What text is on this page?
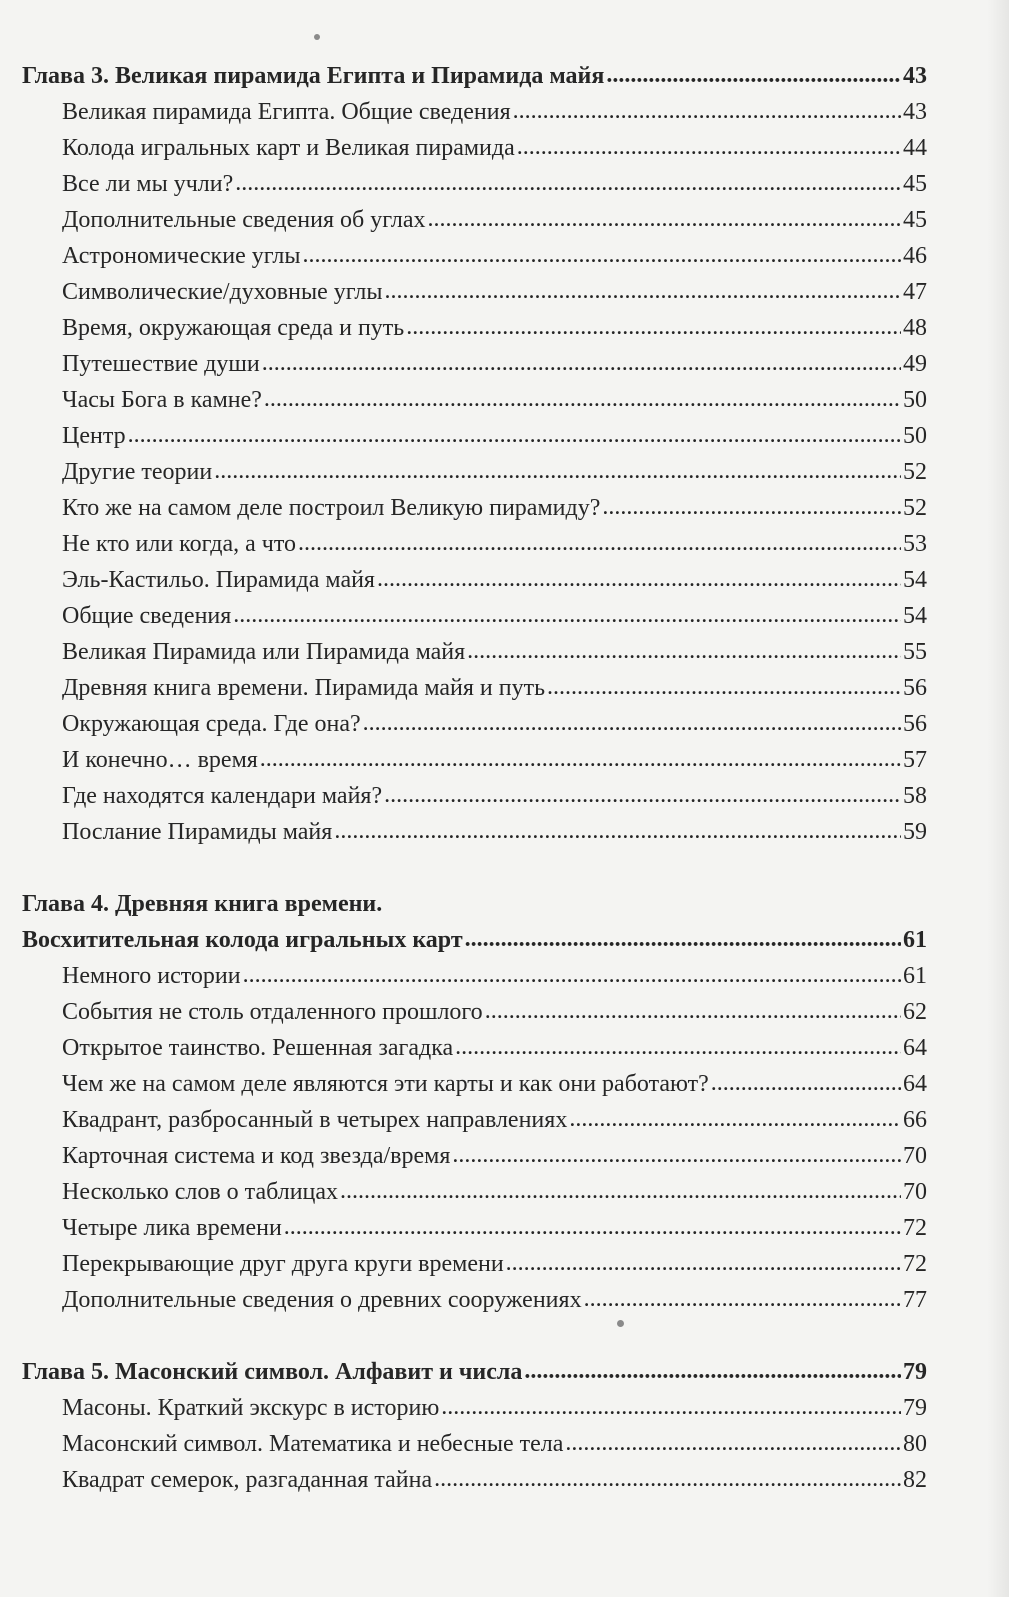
Глава 3. Великая пирамида Египта и Пирамида майя .....	43
Великая пирамида Египта. Общие сведения .....	43
Колода игральных карт и Великая пирамида .....	44
Все ли мы учли? .....	45
Дополнительные сведения об углах .....	45
Астрономические углы .....	46
Символические/духовные углы .....	47
Время, окружающая среда и путь .....	48
Путешествие души .....	49
Часы Бога в камне? .....	50
Центр .....	50
Другие теории .....	52
Кто же на самом деле построил Великую пирамиду? .....	52
Не кто или когда, а что .....	53
Эль-Кастильо. Пирамида майя .....	54
Общие сведения .....	54
Великая Пирамида или Пирамида майя .....	55
Древняя книга времени. Пирамида майя и путь .....	56
Окружающая среда. Где она? .....	56
И конечно… время .....	57
Где находятся календари майя? .....	58
Послание Пирамиды майя .....	59
Глава 4. Древняя книга времени.
Восхитительная колода игральных карт .....	61
Немного истории .....	61
События не столь отдаленного прошлого .....	62
Открытое таинство. Решенная загадка .....	64
Чем же на самом деле являются эти карты и как они работают? .....	64
Квадрант, разбросанный в четырех направлениях .....	66
Карточная система и код звезда/время .....	70
Несколько слов о таблицах .....	70
Четыре лика времени .....	72
Перекрывающие друг друга круги времени .....	72
Дополнительные сведения о древних сооружениях .....	77
Глава 5. Масонский символ. Алфавит и числа .....	79
Масоны. Краткий экскурс в историю .....	79
Масонский символ. Математика и небесные тела .....	80
Квадрат семерок, разгаданная тайна .....	82
